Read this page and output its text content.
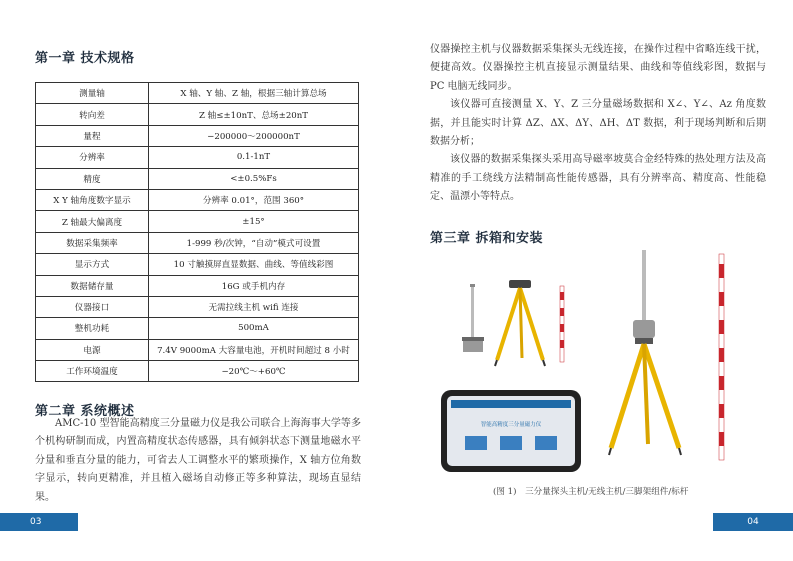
第一章 技术规格
测量轴	X 轴、Y 轴、Z 轴，根据三轴计算总场
转向差	Z 轴≤±10nT、总场±20nT
量程	−200000～200000nT
分辨率	0.1-1nT
精度	<±0.5%Fs
X Y 轴角度数字显示	分辨率 0.01°，范围 360°
Z 轴最大偏离度	±15°
数据采集频率	1-999 秒/次钟，“自动”模式可设置
显示方式	10 寸触摸屏直显数据、曲线、等值线彩图
数据储存量	16G 或手机内存
仪器接口	无需拉线主机 wifi 连接
整机功耗	500mA
电源	7.4V 9000mA 大容量电池，开机时间超过 8 小时
工作环境温度	−20℃～+60℃
第二章 系统概述

AMC-10 型智能高精度三分量磁力仪是我公司联合上海海事大学等多个机构研制而成，内置高精度状态传感器，具有倾斜状态下测量地磁水平分量和垂直分量的能力，可省去人工调整水平的繁琐操作，X 轴方位角数 字显示，转向更精准，并且植入磁场自动修正等多种算法，现场直显结果。

03

仪器操控主机与仪器数据采集探头无线连接，在操作过程中省略连线干扰，便捷高效。仪器操控主机直接显示测量结果、曲线和等值线彩图，数据与 PC 电脑无线同步。

该仪器可直接测量 X、Y、Z 三分量磁场数据和 X∠、Y∠、Az 角度数据，并且能实时计算 ΔZ、ΔX、ΔY、ΔH、ΔT 数据，利于现场判断和后期数据分析；

该仪器的数据采集探头采用高导磁率坡莫合金经特殊的热处理方法及高精准的手工绕线方法精制高性能传感器，具有分辨率高、精度高、性能稳定、温漂小等特点。

第三章 拆箱和安装
智能高精度三分量磁力仪
(图 1)　三分量探头主机/无线主机/三脚架组件/标杆
04
